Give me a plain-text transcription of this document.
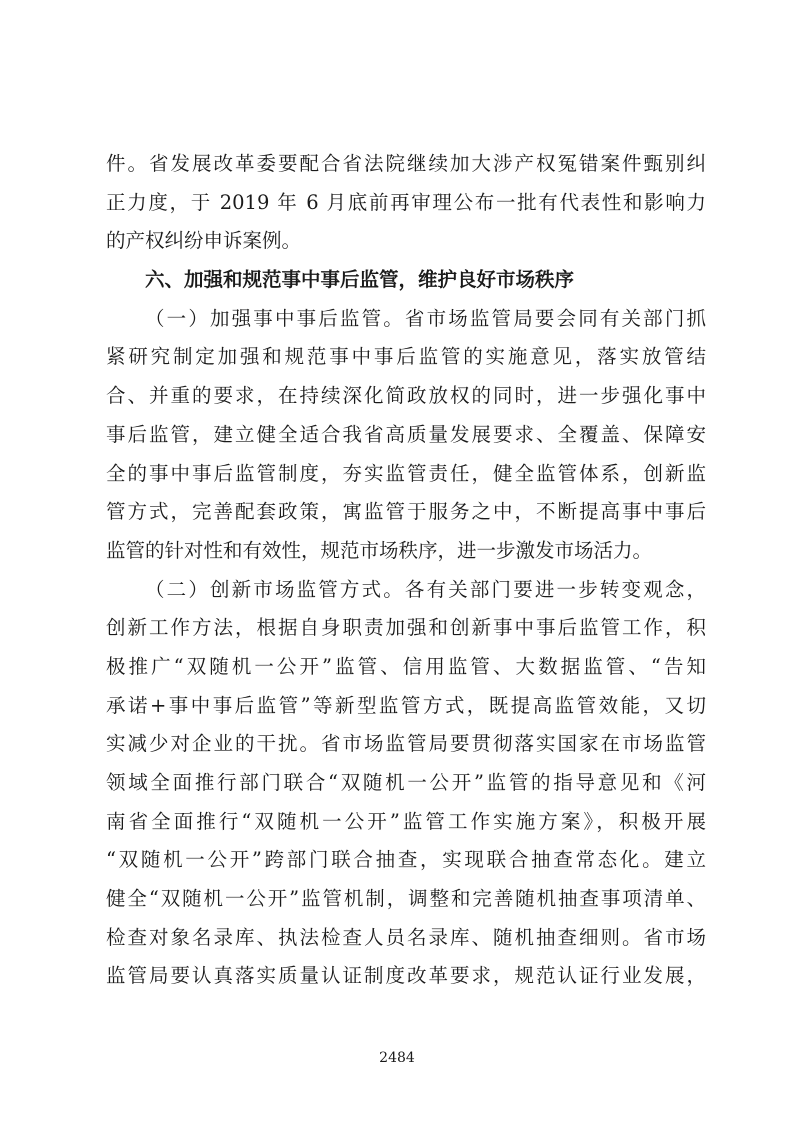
件。省发展改革委要配合省法院继续加大涉产权冤错案件甄别纠
正力度，于 2019 年 6 月底前再审理公布一批有代表性和影响力
的产权纠纷申诉案例。
六、加强和规范事中事后监管，维护良好市场秩序
（一）加强事中事后监管。省市场监管局要会同有关部门抓
紧研究制定加强和规范事中事后监管的实施意见，落实放管结
合、并重的要求，在持续深化简政放权的同时，进一步强化事中
事后监管，建立健全适合我省高质量发展要求、全覆盖、保障安
全的事中事后监管制度，夯实监管责任，健全监管体系，创新监
管方式，完善配套政策，寓监管于服务之中，不断提高事中事后
监管的针对性和有效性，规范市场秩序，进一步激发市场活力。
（二）创新市场监管方式。各有关部门要进一步转变观念，
创新工作方法，根据自身职责加强和创新事中事后监管工作，积
极推广“双随机一公开”监管、信用监管、大数据监管、“告知
承诺+事中事后监管”等新型监管方式，既提高监管效能，又切
实减少对企业的干扰。省市场监管局要贯彻落实国家在市场监管
领域全面推行部门联合“双随机一公开”监管的指导意见和《河
南省全面推行“双随机一公开”监管工作实施方案》，积极开展
“双随机一公开”跨部门联合抽查，实现联合抽查常态化。建立
健全“双随机一公开”监管机制，调整和完善随机抽查事项清单、
检查对象名录库、执法检查人员名录库、随机抽查细则。省市场
监管局要认真落实质量认证制度改革要求，规范认证行业发展，
2484
